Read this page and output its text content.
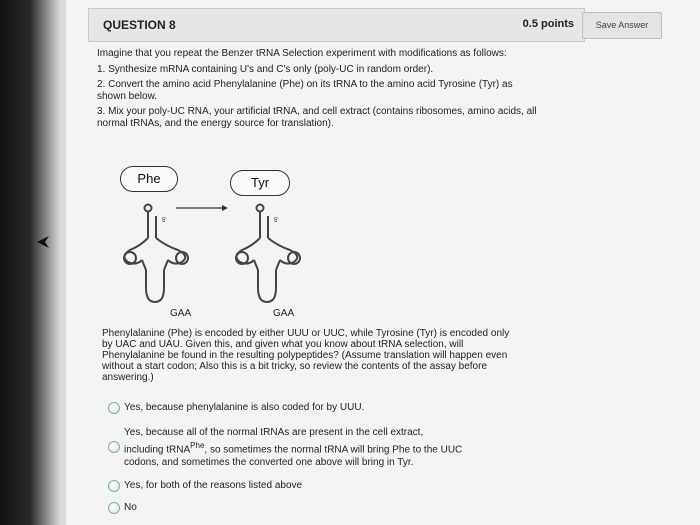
QUESTION 8	0.5 points	Save Answer

Imagine that you repeat the Benzer tRNA Selection experiment with modifications as follows:

1. Synthesize mRNA containing U's and C's only (poly-UC in random order).

2. Convert the amino acid Phenylalanine (Phe) on its tRNA to the amino acid Tyrosine (Tyr) as shown below.

3. Mix your poly-UC RNA, your artificial tRNA, and cell extract (contains ribosomes, amino acids, all normal tRNAs, and the energy source for translation).

Phe	Tyr
5'	5'
GAA	GAA
Phenylalanine (Phe) is encoded by either UUU or UUC, while Tyrosine (Tyr) is encoded only by UAC and UAU. Given this, and given what you know about tRNA selection, will Phenylalanine be found in the resulting polypeptides? (Assume translation will happen even without a start codon; Also this is a bit tricky, so review the contents of the assay before answering.)
Yes, because phenylalanine is also coded for by UUU.
Yes, because all of the normal tRNAs are present in the cell extract,
including tRNA$^{Phe}$, so sometimes the normal tRNA will bring Phe to the UUC
codons, and sometimes the converted one above will bring in Tyr.
Yes, for both of the reasons listed above
No
